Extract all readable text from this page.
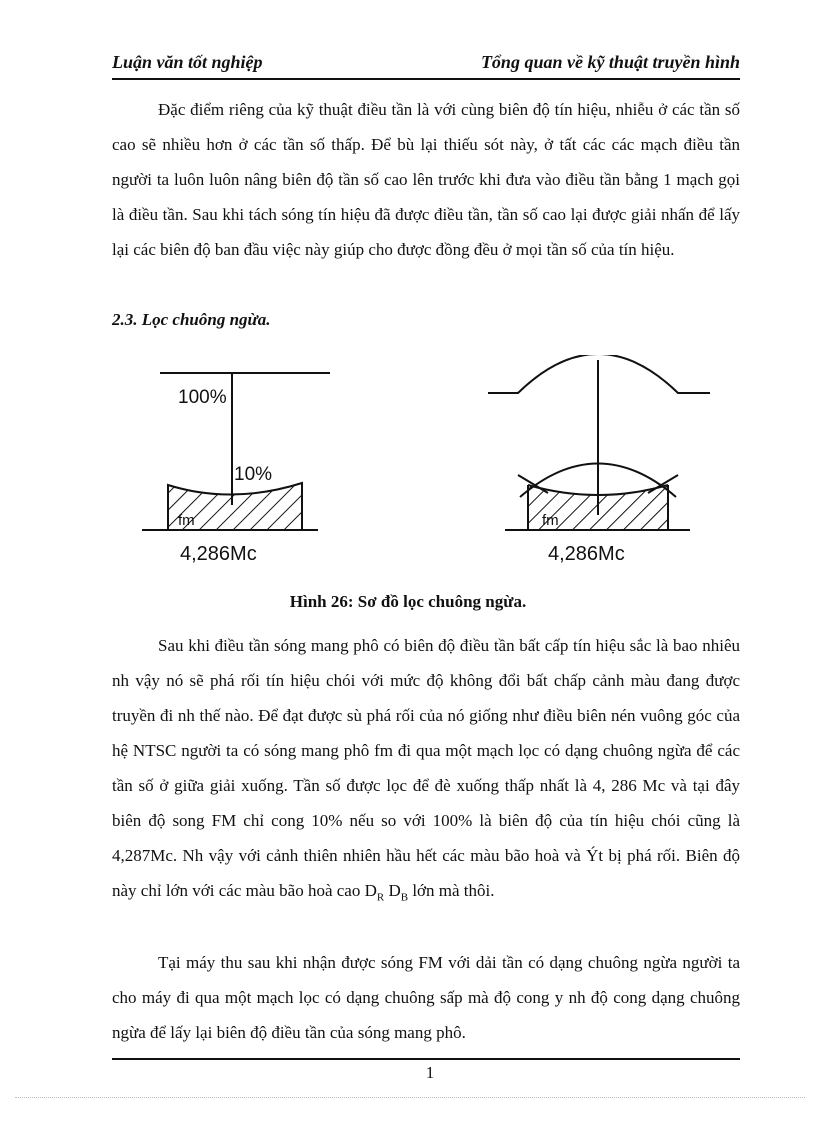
Luận văn tốt nghiệp	Tổng quan về kỹ thuật truyền hình

Đặc điểm riêng của kỹ thuật điều tần là với cùng biên độ tín hiệu, nhiễu ở các tần số cao sẽ nhiều hơn ở các tần số thấp. Để bù lại thiếu sót này, ở tất các các mạch điều tần người ta luôn luôn nâng biên độ tần số cao lên trước khi đưa vào điều tần bằng 1 mạch gọi là điều tần. Sau khi tách sóng tín hiệu đã được điều tần, tần số cao lại được giải nhấn để lấy lại các biên độ ban đầu việc này giúp cho được đồng đều ở mọi tần số của tín hiệu.

2.3. Lọc chuông ngừa.
100%
10%
fm
4,286Mc
fm
4,286Mc
Hình 26: Sơ đồ lọc chuông ngừa.

Sau khi điều tần sóng mang phô có biên độ điều tần bất cấp tín hiệu sắc là bao nhiêu nh vậy nó sẽ phá rối tín hiệu chói với mức độ không đổi bất chấp cảnh màu đang được truyền đi nh thế nào. Để đạt được sù phá rối của nó giống như điều biên nén vuông góc của hệ NTSC người ta có sóng mang phô fm đi qua một mạch lọc có dạng chuông ngừa để các tần số ở giữa giải xuống. Tần số được lọc để đè xuống thấp nhất là 4, 286 Mc và tại đây biên độ song FM chỉ cong 10% nếu so với 100% là biên độ của tín hiệu chói cũng là 4,287Mc. Nh vậy với cảnh thiên nhiên hầu hết các màu bão hoà và Ýt bị phá rối. Biên độ này chỉ lớn với các màu bão hoà cao $D_R$ $D_B$ lớn mà thôi.

Tại máy thu sau khi nhận được sóng FM với dải tần có dạng chuông ngừa người ta cho máy đi qua một mạch lọc có dạng chuông sấp mà độ cong y nh độ cong dạng chuông ngừa để lấy lại biên độ điều tần của sóng mang phô.

1
